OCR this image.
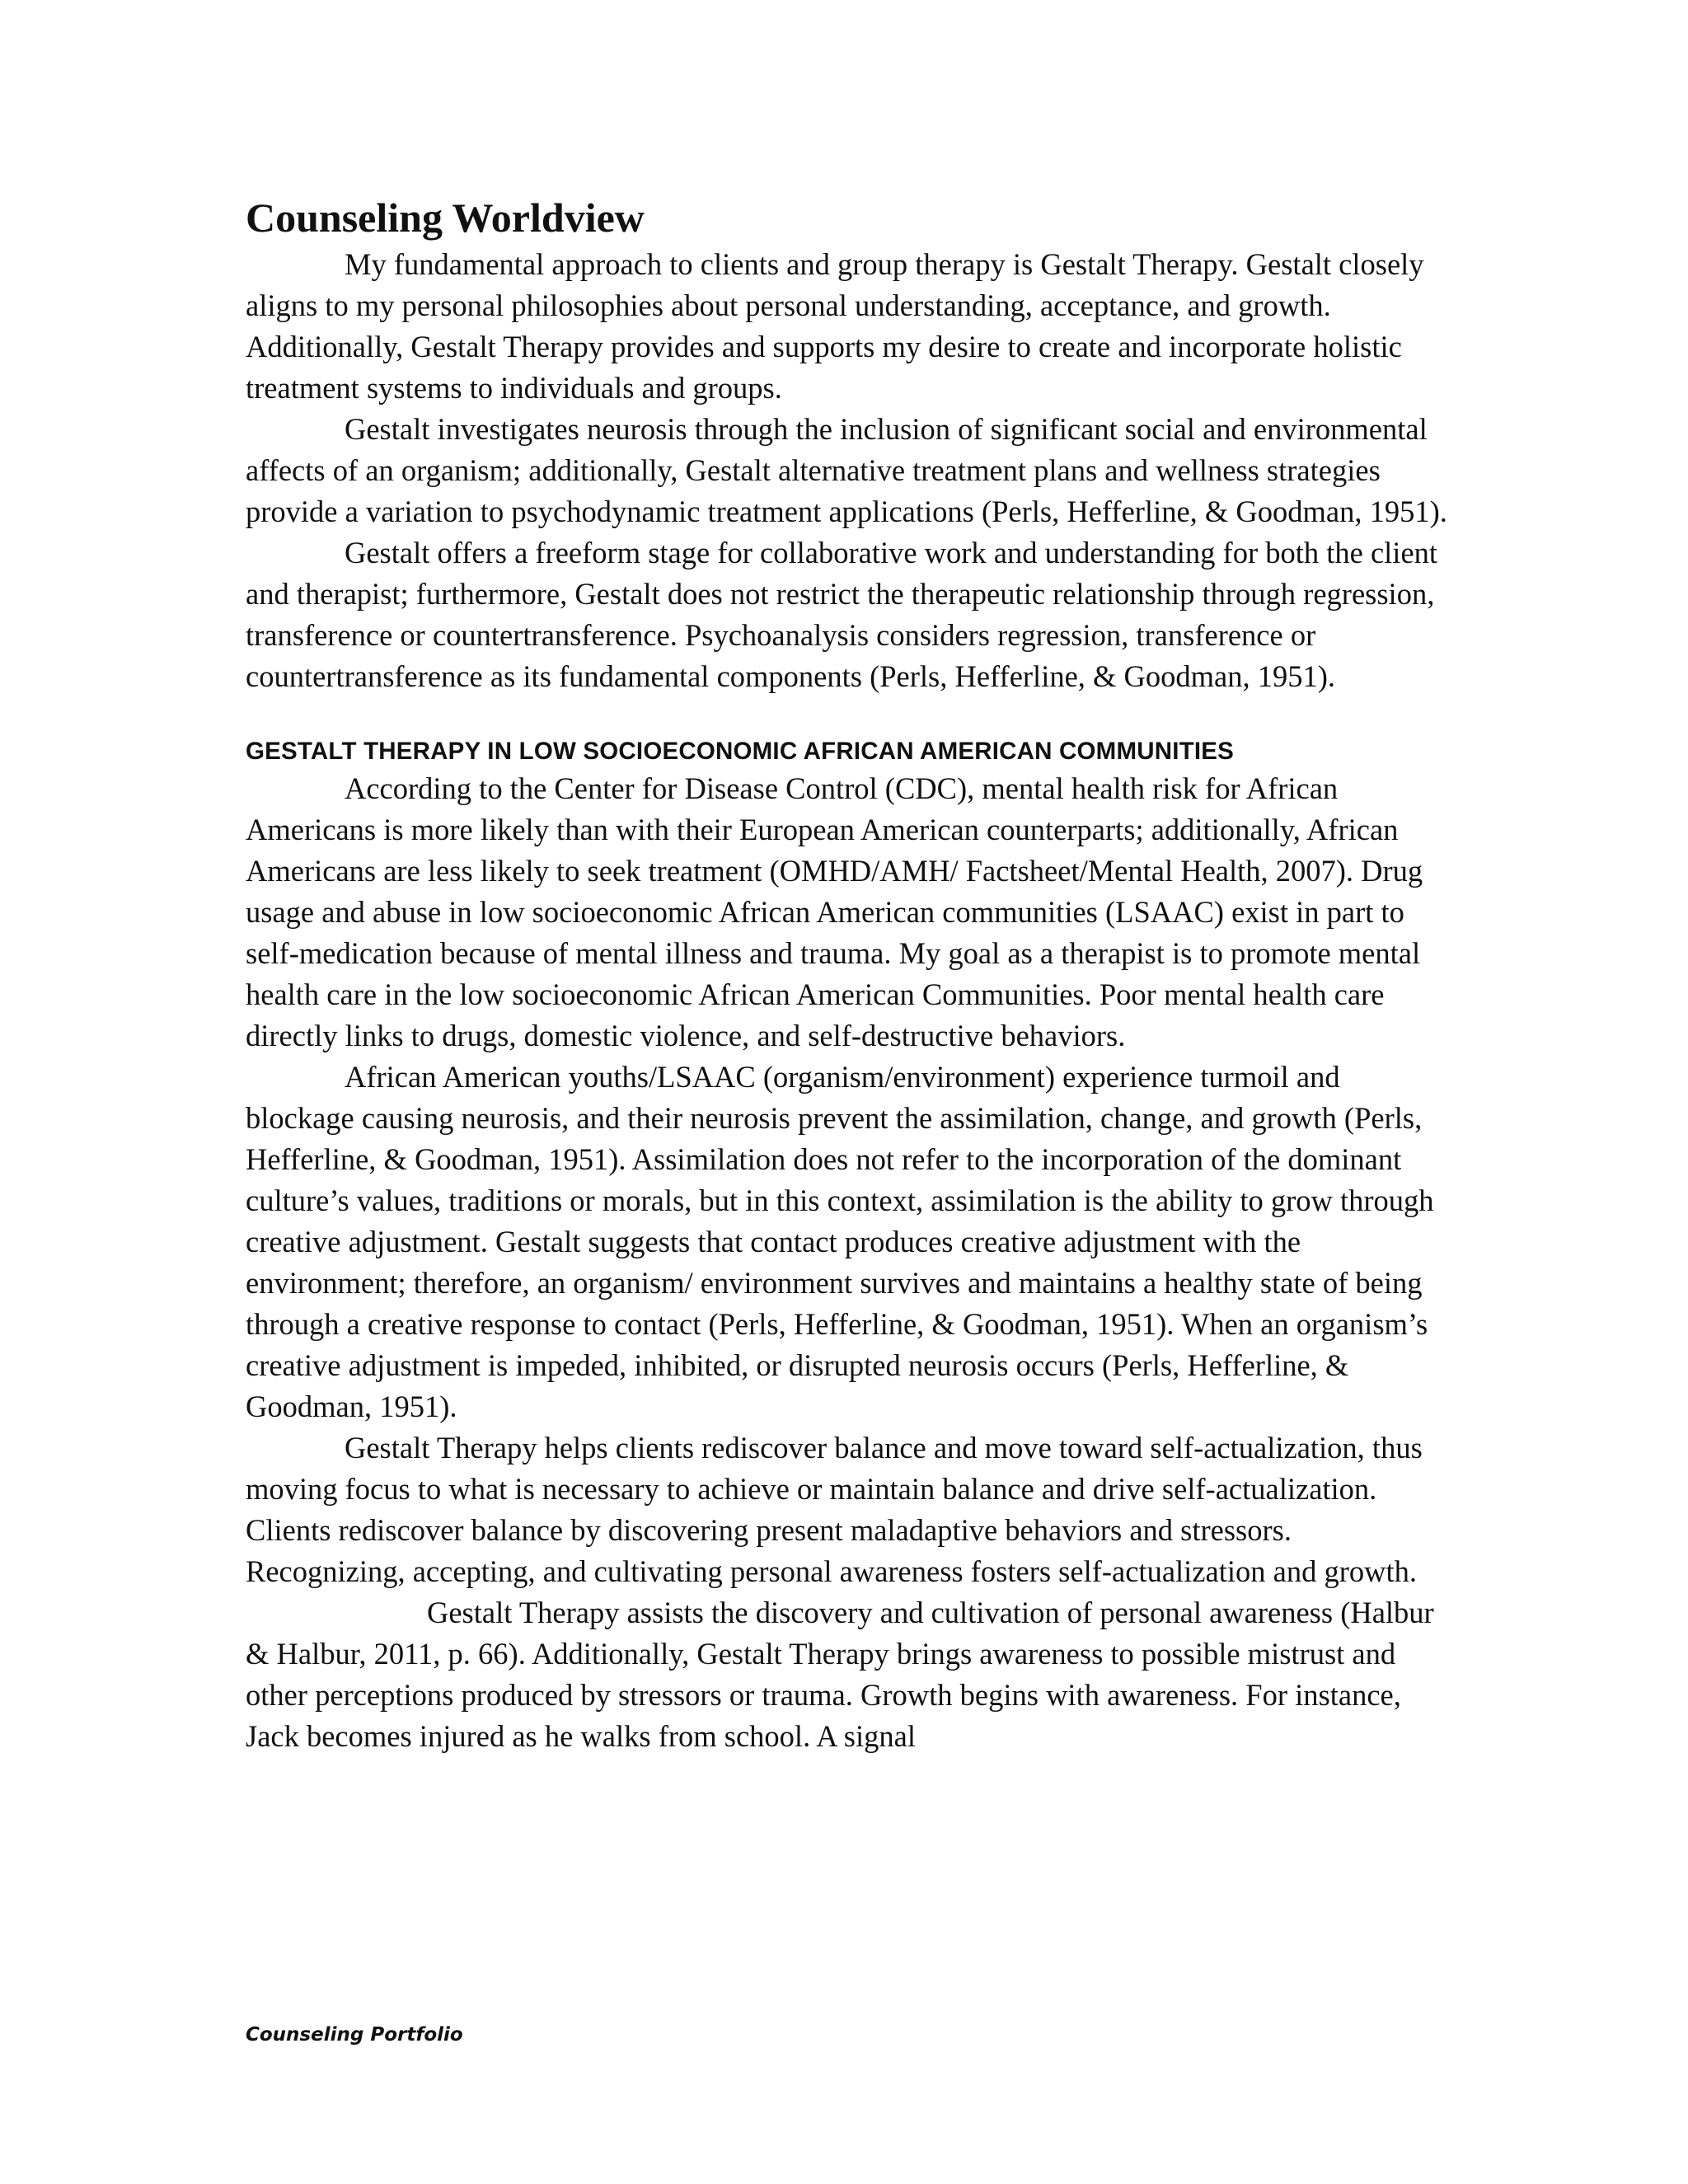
Counseling Worldview

My fundamental approach to clients and group therapy is Gestalt Therapy. Gestalt closely aligns to my personal philosophies about personal understanding, acceptance, and growth. Additionally, Gestalt Therapy provides and supports my desire to create and incorporate holistic treatment systems to individuals and groups.

Gestalt investigates neurosis through the inclusion of significant social and environmental affects of an organism; additionally, Gestalt alternative treatment plans and wellness strategies provide a variation to psychodynamic treatment applications (Perls, Hefferline, & Goodman, 1951).

Gestalt offers a freeform stage for collaborative work and understanding for both the client and therapist; furthermore, Gestalt does not restrict the therapeutic relationship through regression, transference or countertransference. Psychoanalysis considers regression, transference or countertransference as its fundamental components (Perls, Hefferline, & Goodman, 1951).

GESTALT THERAPY IN LOW SOCIOECONOMIC AFRICAN AMERICAN COMMUNITIES

According to the Center for Disease Control (CDC), mental health risk for African Americans is more likely than with their European American counterparts; additionally, African Americans are less likely to seek treatment (OMHD/AMH/ Factsheet/Mental Health, 2007). Drug usage and abuse in low socioeconomic African American communities (LSAAC) exist in part to self-medication because of mental illness and trauma. My goal as a therapist is to promote mental health care in the low socioeconomic African American Communities. Poor mental health care directly links to drugs, domestic violence, and self-destructive behaviors.

African American youths/LSAAC (organism/environment) experience turmoil and blockage causing neurosis, and their neurosis prevent the assimilation, change, and growth (Perls, Hefferline, & Goodman, 1951). Assimilation does not refer to the incorporation of the dominant culture’s values, traditions or morals, but in this context, assimilation is the ability to grow through creative adjustment. Gestalt suggests that contact produces creative adjustment with the environment; therefore, an organism/ environment survives and maintains a healthy state of being through a creative response to contact (Perls, Hefferline, & Goodman, 1951). When an organism’s creative adjustment is impeded, inhibited, or disrupted neurosis occurs (Perls, Hefferline, & Goodman, 1951).

Gestalt Therapy helps clients rediscover balance and move toward self-actualization, thus moving focus to what is necessary to achieve or maintain balance and drive self-actualization. Clients rediscover balance by discovering present maladaptive behaviors and stressors. Recognizing, accepting, and cultivating personal awareness fosters self-actualization and growth.

Gestalt Therapy assists the discovery and cultivation of personal awareness (Halbur & Halbur, 2011, p. 66). Additionally, Gestalt Therapy brings awareness to possible mistrust and other perceptions produced by stressors or trauma. Growth begins with awareness. For instance, Jack becomes injured as he walks from school. A signal

Counseling Portfolio
